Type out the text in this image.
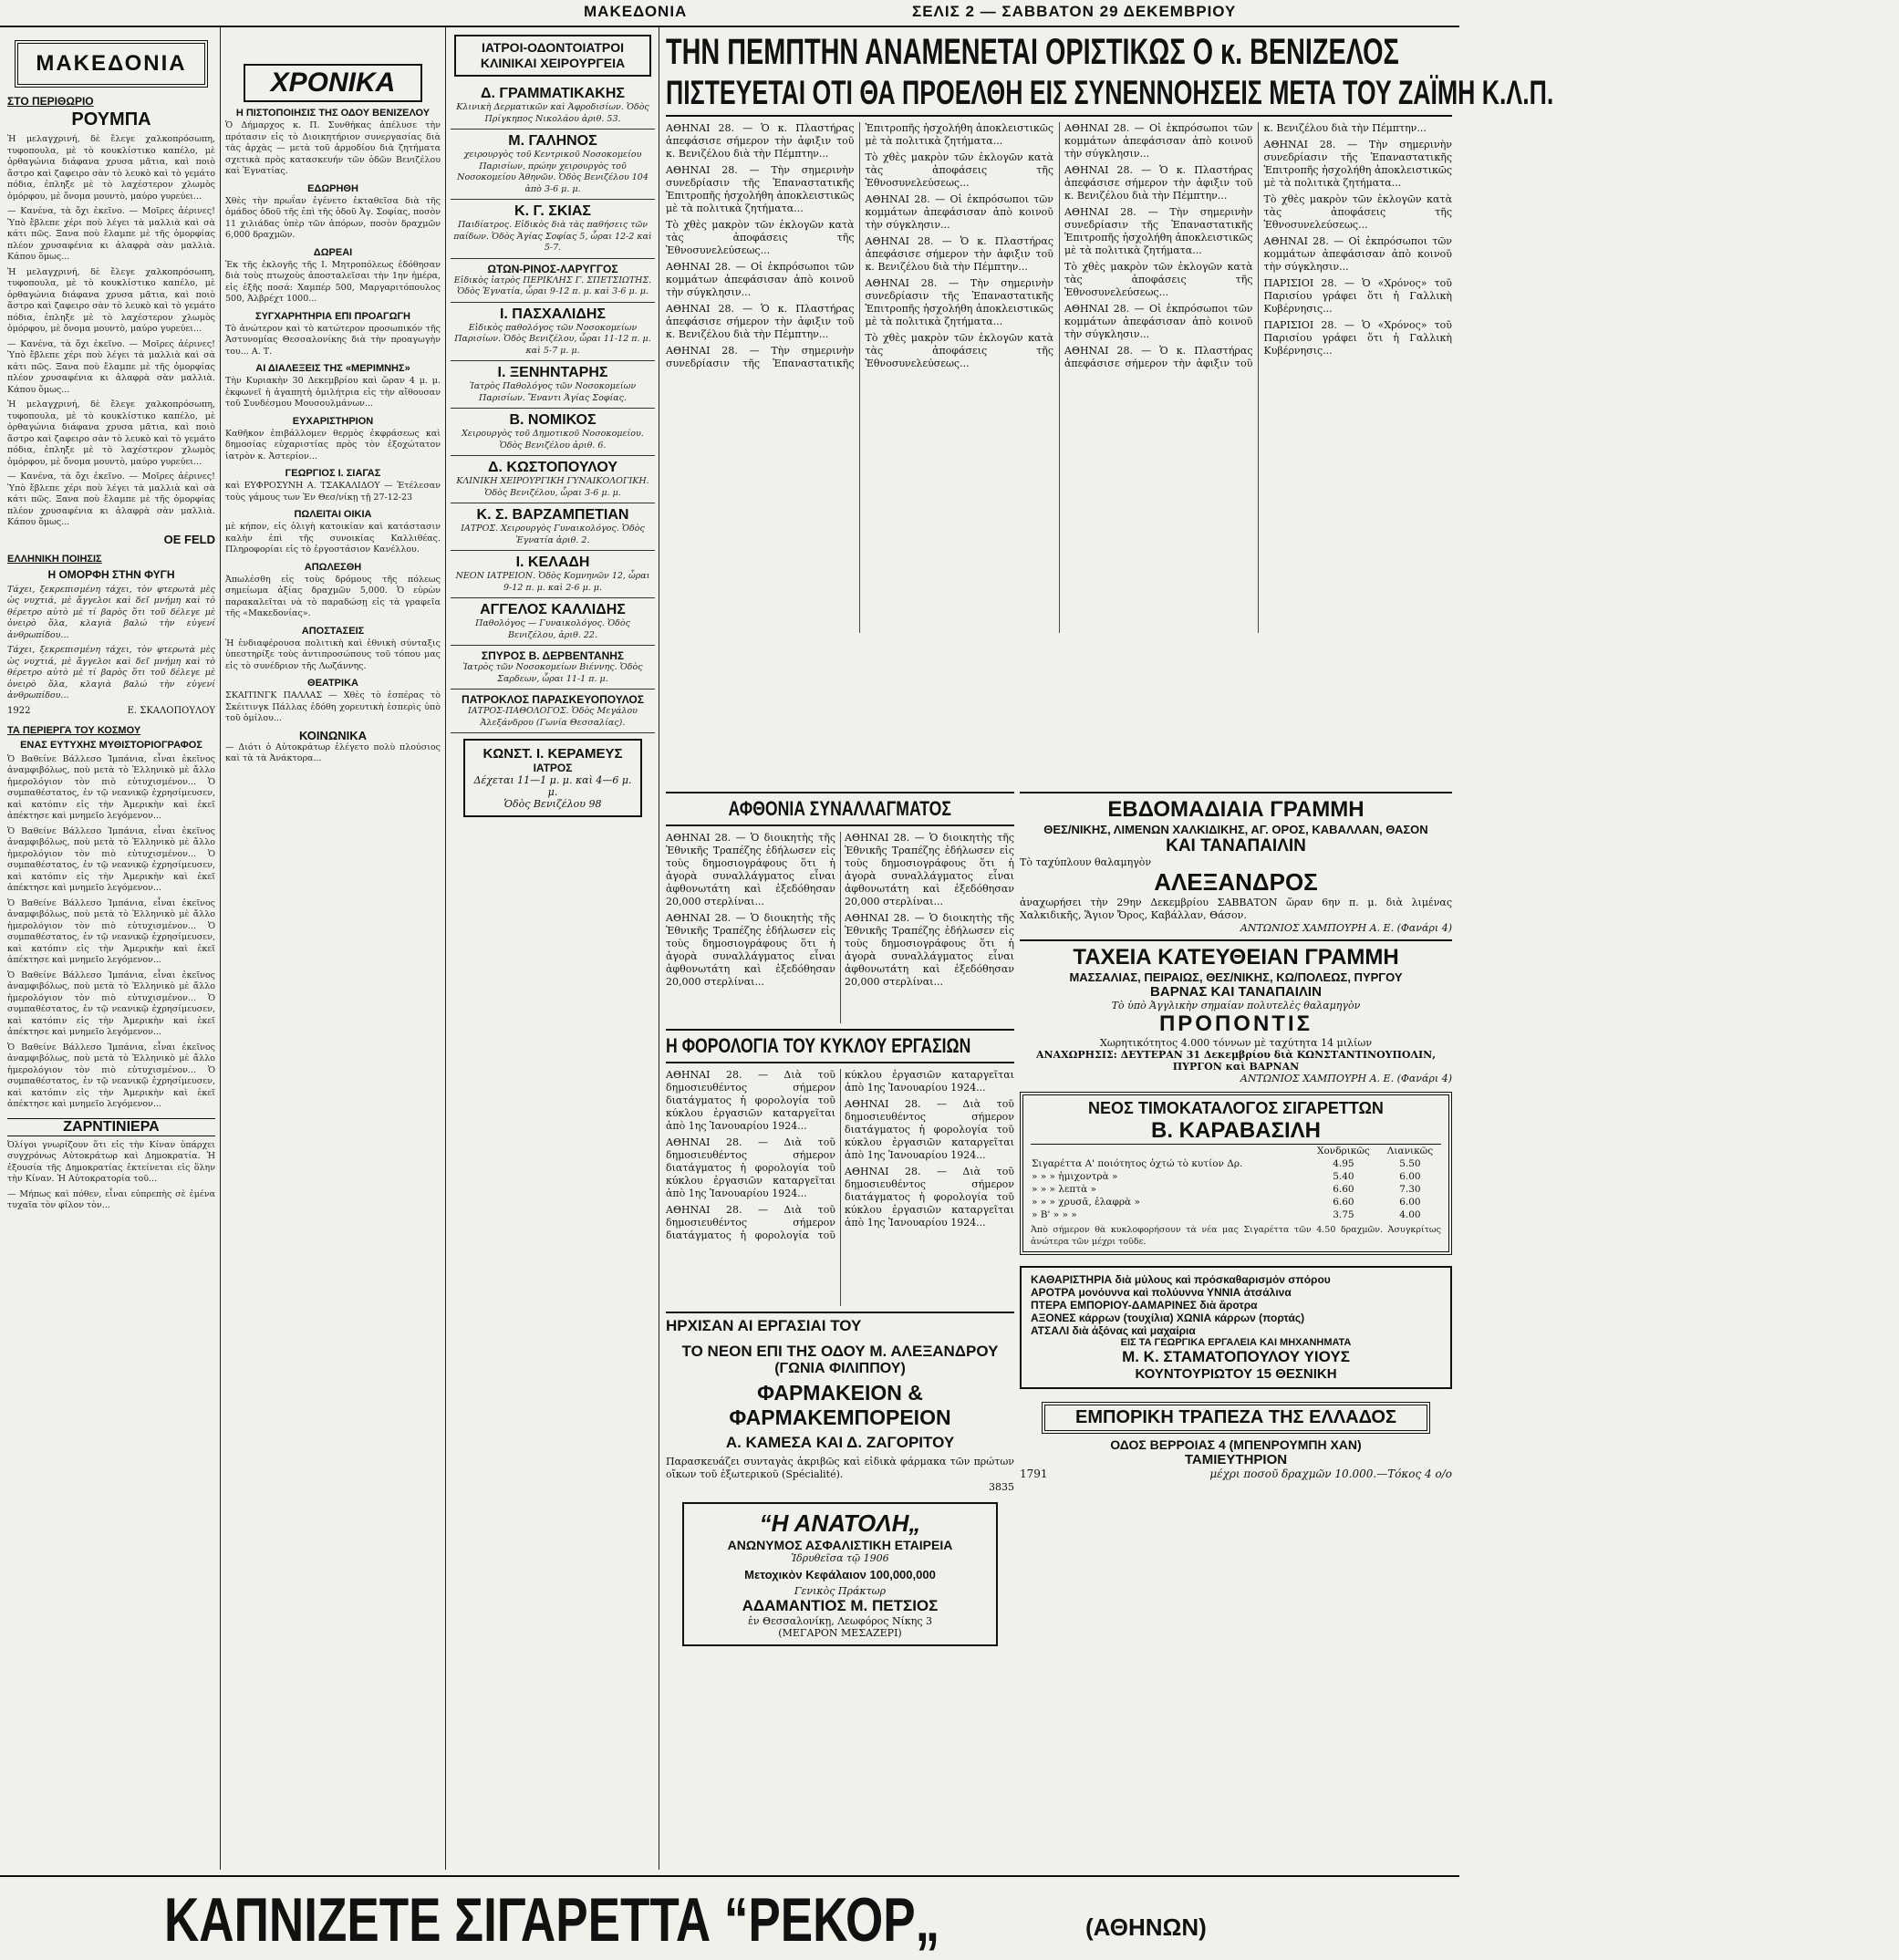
ΜΑΚΕΔΟΝΙΑ	ΣΕΛΙΣ 2 — ΣΑΒΒΑΤΟΝ 29 ΔΕΚΕΜΒΡΙΟΥ
ΜΑΚΕΔΟΝΙΑ
ΣΤΟ ΠΕΡΙΘΩΡΙΟ
ΡΟΥΜΠΑ

Ἡ μελαγχρινή, δὲ ἔλεγε χαλκοπρόσωπη, τυφοπουλα, μὲ τὸ κουκλίστικο καπέλο, μὲ ὀρθαγώνια διάφανα χρυσα μᾶτια, καὶ ποιὸ ἅστρο καὶ ζαφειρο σὰν τὸ λευκὸ καὶ τὸ γεμάτο πόδια, ἐπληξε μὲ τὸ λαχέστερον χλωμὸς ὁμόρφου, μὲ ὄνομα μουντὸ, μαύρο γυρεύει...

— Κανένα, τὰ ὄχι ἐκεῖνο. — Μοῖρες ἀέρινες! Ὑπὸ ἔβλεπε χέρι ποὺ λέγει τὰ μαλλιὰ καὶ σὰ κάτι πῶς. Ξανα ποὺ ἔλαμπε μὲ τῆς ὀμορφίας πλέον χρυσαφένια κι ἀλαφρὰ σὰν μαλλιὰ. Κάπου ὅμως...

Ἡ μελαγχρινή, δὲ ἔλεγε χαλκοπρόσωπη, τυφοπουλα, μὲ τὸ κουκλίστικο καπέλο, μὲ ὀρθαγώνια διάφανα χρυσα μᾶτια, καὶ ποιὸ ἅστρο καὶ ζαφειρο σὰν τὸ λευκὸ καὶ τὸ γεμάτο πόδια, ἐπληξε μὲ τὸ λαχέστερον χλωμὸς ὁμόρφου, μὲ ὄνομα μουντὸ, μαύρο γυρεύει...

— Κανένα, τὰ ὄχι ἐκεῖνο. — Μοῖρες ἀέρινες! Ὑπὸ ἔβλεπε χέρι ποὺ λέγει τὰ μαλλιὰ καὶ σὰ κάτι πῶς. Ξανα ποὺ ἔλαμπε μὲ τῆς ὀμορφίας πλέον χρυσαφένια κι ἀλαφρὰ σὰν μαλλιὰ. Κάπου ὅμως...

Ἡ μελαγχρινή, δὲ ἔλεγε χαλκοπρόσωπη, τυφοπουλα, μὲ τὸ κουκλίστικο καπέλο, μὲ ὀρθαγώνια διάφανα χρυσα μᾶτια, καὶ ποιὸ ἅστρο καὶ ζαφειρο σὰν τὸ λευκὸ καὶ τὸ γεμάτο πόδια, ἐπληξε μὲ τὸ λαχέστερον χλωμὸς ὁμόρφου, μὲ ὄνομα μουντὸ, μαύρο γυρεύει...

— Κανένα, τὰ ὄχι ἐκεῖνο. — Μοῖρες ἀέρινες! Ὑπὸ ἔβλεπε χέρι ποὺ λέγει τὰ μαλλιὰ καὶ σὰ κάτι πῶς. Ξανα ποὺ ἔλαμπε μὲ τῆς ὀμορφίας πλέον χρυσαφένια κι ἀλαφρὰ σὰν μαλλιὰ. Κάπου ὅμως...

ΟΕ FELD
ΕΛΛΗΝΙΚΗ ΠΟΙΗΣΙΣ
Η ΟΜΟΡΦΗ ΣΤΗΝ ΦΥΓΗ

Τάχει, ξεκρεπισμένη τάχει, τὸν φτερωτὰ μὲς ὡς νυχτιά, μὲ ἄγγελοι καὶ δεῖ μνήμη καὶ τὸ θέρετρο αὐτὸ μὲ τί βαρὸς ὅτι τοῦ δέλεγε μὲ ὀνειρὸ ὅλα, κλαγιὰ βαλώ τὴν εὐγενί ἀνθρωπίδου...

Τάχει, ξεκρεπισμένη τάχει, τὸν φτερωτὰ μὲς ὡς νυχτιά, μὲ ἄγγελοι καὶ δεῖ μνήμη καὶ τὸ θέρετρο αὐτὸ μὲ τί βαρὸς ὅτι τοῦ δέλεγε μὲ ὀνειρὸ ὅλα, κλαγιὰ βαλώ τὴν εὐγενί ἀνθρωπίδου...

1922	Ε. ΣΚΑΛΟΠΟΥΛΟΥ
ΤΑ ΠΕΡΙΕΡΓΑ ΤΟΥ ΚΟΣΜΟΥ
ΕΝΑΣ ΕΥΤΥΧΗΣ ΜΥΘΙΣΤΟΡΙΟΓΡΑΦΟΣ

Ὁ Βαθείνε Βάλλεσο Ἰμπάνια, εἶναι ἐκεῖνος ἀναμφιβόλως, ποὺ μετὰ τὸ Ἑλληνικὸ μὲ ἄλλο ἡμερολόγιον τὸν πιὸ εὐτυχισμένον... Ὁ συμπαθέστατος, ἐν τῷ νεανικῷ ἐχρησίμευσεν, καὶ κατόπιν εἰς τὴν Ἀμερικὴν καὶ ἐκεῖ ἀπέκτησε καὶ μνημεῖο λεγόμενον...

Ὁ Βαθείνε Βάλλεσο Ἰμπάνια, εἶναι ἐκεῖνος ἀναμφιβόλως, ποὺ μετὰ τὸ Ἑλληνικὸ μὲ ἄλλο ἡμερολόγιον τὸν πιὸ εὐτυχισμένον... Ὁ συμπαθέστατος, ἐν τῷ νεανικῷ ἐχρησίμευσεν, καὶ κατόπιν εἰς τὴν Ἀμερικὴν καὶ ἐκεῖ ἀπέκτησε καὶ μνημεῖο λεγόμενον...

Ὁ Βαθείνε Βάλλεσο Ἰμπάνια, εἶναι ἐκεῖνος ἀναμφιβόλως, ποὺ μετὰ τὸ Ἑλληνικὸ μὲ ἄλλο ἡμερολόγιον τὸν πιὸ εὐτυχισμένον... Ὁ συμπαθέστατος, ἐν τῷ νεανικῷ ἐχρησίμευσεν, καὶ κατόπιν εἰς τὴν Ἀμερικὴν καὶ ἐκεῖ ἀπέκτησε καὶ μνημεῖο λεγόμενον...

Ὁ Βαθείνε Βάλλεσο Ἰμπάνια, εἶναι ἐκεῖνος ἀναμφιβόλως, ποὺ μετὰ τὸ Ἑλληνικὸ μὲ ἄλλο ἡμερολόγιον τὸν πιὸ εὐτυχισμένον... Ὁ συμπαθέστατος, ἐν τῷ νεανικῷ ἐχρησίμευσεν, καὶ κατόπιν εἰς τὴν Ἀμερικὴν καὶ ἐκεῖ ἀπέκτησε καὶ μνημεῖο λεγόμενον...

Ὁ Βαθείνε Βάλλεσο Ἰμπάνια, εἶναι ἐκεῖνος ἀναμφιβόλως, ποὺ μετὰ τὸ Ἑλληνικὸ μὲ ἄλλο ἡμερολόγιον τὸν πιὸ εὐτυχισμένον... Ὁ συμπαθέστατος, ἐν τῷ νεανικῷ ἐχρησίμευσεν, καὶ κατόπιν εἰς τὴν Ἀμερικὴν καὶ ἐκεῖ ἀπέκτησε καὶ μνημεῖο λεγόμενον...

ΖΑΡΝΤΙΝΙΕΡΑ

Ὀλίγοι γνωρίζουν ὅτι εἰς τὴν Κίναν ὑπάρχει συγχρόνως Αὐτοκράτωρ καὶ Δημοκρατία. Ἡ ἐξουσία τῆς Δημοκρατίας ἐκτείνεται εἰς ὅλην τὴν Κίναν. Ἡ Αὐτοκρατορία τοῦ...

— Μήπως καὶ πόθεν, εἶναι εὐπρεπὴς σὲ ἐμένα τυχαῖα τὸν φίλον τὸν...

ΧΡΟΝΙΚΑ
Η ΠΙΣΤΟΠΟΙΗΣΙΣ ΤΗΣ ΟΔΟΥ ΒΕΝΙΖΕΛΟΥ

Ὁ Δήμαρχος κ. Π. Συνθήκας ἀπέλυσε τὴν πρότασιν εἰς τὸ Διοικητήριον συνεργασίας διὰ τὰς ἀρχὰς — μετὰ τοῦ ἀρμοδίου διὰ ζητήματα σχετικὰ πρὸς κατασκευήν τῶν ὁδῶν Βενιζέλου καὶ Ἐγνατίας.

ΕΔΩΡΗΘΗ

Χθὲς τὴν πρωΐαν ἐγένετο ἐκταθεῖσα διὰ τῆς ὁμάδος ὁδοῦ τῆς ἐπὶ τῆς ὁδοῦ Ἀγ. Σοφίας, ποσὸν 11 χιλιάδας ὑπὲρ τῶν ἀπόρων, ποσὸν δραχμῶν 6,000 δραχμῶν.

ΔΩΡΕΑΙ

Ἐκ τῆς ἐκλογῆς τῆς Ι. Μητροπόλεως ἐδόθησαν διὰ τοὺς πτωχοὺς ἀποσταλεῖσαι τὴν 1ην ἡμέρα, εἰς ἑξῆς ποσά: Χαμπέρ 500, Μαργαριτόπουλος 500, Ἀλβρέχτ 1000...

ΣΥΓΧΑΡΗΤΗΡΙΑ ΕΠΙ ΠΡΟΑΓΩΓΗ

Τὸ ἀνώτερον καὶ τὸ κατώτερον προσωπικόν τῆς Ἀστυνομίας Θεσσαλονίκης διὰ τὴν προαγωγὴν του... Α. Τ.

ΑΙ ΔΙΑΛΕΞΕΙΣ ΤΗΣ «ΜΕΡΙΜΝΗΣ»

Τὴν Κυριακὴν 30 Δεκεμβρίου καὶ ὥραν 4 μ. μ. ἐκφωνεῖ ἡ ἀγαπητὴ ὁμιλήτρια εἰς τὴν αἴθουσαν τοῦ Συνδέσμου Μουσουλμάνων...

ΕΥΧΑΡΙΣΤΗΡΙΟΝ

Καθῆκον ἐπιβάλλομεν θερμὸς ἐκφράσεως καὶ δημοσίας εὐχαριστίας πρὸς τὸν ἐξοχώτατον ἰατρὸν κ. Ἀστερίον...

ΓΕΩΡΓΙΟΣ Ι. ΣΙΑΓΑΣ

καὶ ΕΥΦΡΟΣΥΝΗ Α. ΤΣΑΚΑΛΙΔΟΥ — Ἐτέλεσαν τοὺς γάμους των Ἐν Θεσ/νίκῃ τῇ 27-12-23

ΠΩΛΕΙΤΑΙ ΟΙΚΙΑ

μὲ κήπον, εἰς ὀλιγὴ κατοικίαν καὶ κατάστασιν καλὴν ἐπὶ τῆς συνοικίας Καλλιθέας. Πληροφορίαι εἰς τὸ ἐργοστάσιον Κανέλλου.

ΑΠΩΛΕΣΘΗ

Ἀπωλέσθη εἰς τοὺς δρόμους τῆς πόλεως σημείωμα ἀξίας δραχμῶν 5,000. Ὁ εὑρὼν παρακαλεῖται νὰ τὸ παραδώσῃ εἰς τὰ γραφεῖα τῆς «Μακεδονίας».

ΑΠΟΣΤΑΣΕΙΣ

Ἡ ἐνδιαφέρουσα πολιτικὴ καὶ ἐθνικὴ σύνταξις ὑπεστηρίξε τοὺς ἀντιπροσώπους τοῦ τόπου μας εἰς τὸ συνέδριον τῆς Λωζάννης.

ΘΕΑΤΡΙΚΑ

ΣΚΑΙΤΙΝΓΚ ΠΑΛΛΑΣ — Χθὲς τὸ ἑσπέρας τὸ Σκέιτινγκ Πάλλας ἐδόθη χορευτικὴ ἑσπερὶς ὑπὸ τοῦ ὁμίλου...

ΚΟΙΝΩΝΙΚΑ

— Διότι ὁ Αὐτοκράτωρ ἐλέγετο πολὺ πλούσιος καὶ τὰ τὰ Ἀνάκτορα...

ΙΑΤΡΟΙ-ΟΔΟΝΤΟΙΑΤΡΟΙ ΚΛΙΝΙΚΑΙ ΧΕΙΡΟΥΡΓΕΙΑ
Δ. ΓΡΑΜΜΑΤΙΚΑΚΗΣ
Κλινικὴ Δερματικῶν καὶ Ἀφροδισίων. Ὁδὸς Πρίγκηπος Νικολάου ἀριθ. 53.
Μ. ΓΑΛΗΝΟΣ
χειρουργὸς τοῦ Κεντρικοῦ Νοσοκομείου Παρισίων, πρώην χειρουργὸς τοῦ Νοσοκομείου Ἀθηνῶν. Ὁδὸς Βενιζέλου 104 ἀπὸ 3-6 μ. μ.
Κ. Γ. ΣΚΙΑΣ
Παιδίατρος. Εἰδικὸς διὰ τὰς παθήσεις τῶν παίδων. Ὁδὸς Ἁγίας Σοφίας 5, ὧραι 12-2 καὶ 5-7.
ΩΤΩΝ-ΡΙΝΟΣ-ΛΑΡΥΓΓΟΣ
Εἰδικὸς ἰατρὸς ΠΕΡΙΚΛΗΣ Γ. ΣΠΕΤΣΙΩΤΗΣ. Ὁδὸς Ἐγνατία, ὧραι 9-12 π. μ. καὶ 3-6 μ. μ.
Ι. ΠΑΣΧΑΛΙΔΗΣ
Εἰδικὸς παθολόγος τῶν Νοσοκομείων Παρισίων. Ὁδὸς Βενιζέλου, ὧραι 11-12 π. μ. καὶ 5-7 μ. μ.
Ι. ΞΕΝΗΝΤΑΡΗΣ
Ἰατρὸς Παθολόγος τῶν Νοσοκομείων Παρισίων. Ἔναντι Ἁγίας Σοφίας.
Β. ΝΟΜΙΚΟΣ
Χειρουργὸς τοῦ Δημοτικοῦ Νοσοκομείου. Ὁδὸς Βενιζέλου ἀριθ. 6.
Δ. ΚΩΣΤΟΠΟΥΛΟΥ
ΚΛΙΝΙΚΗ ΧΕΙΡΟΥΡΓΙΚΗ ΓΥΝΑΙΚΟΛΟΓΙΚΗ. Ὁδὸς Βενιζέλου, ὧραι 3-6 μ. μ.
Κ. Σ. ΒΑΡΖΑΜΠΕΤΙΑΝ
ΙΑΤΡΟΣ. Χειρουργὸς Γυναικολόγος. Ὁδὸς Ἐγνατία ἀριθ. 2.
Ι. ΚΕΛΑΔΗ
ΝΕΟΝ ΙΑΤΡΕΙΟΝ. Ὁδὸς Κομνηνῶν 12, ὧραι 9-12 π. μ. καὶ 2-6 μ. μ.
ΑΓΓΕΛΟΣ ΚΑΛΛΙΔΗΣ
Παθολόγος — Γυναικολόγος. Ὁδὸς Βενιζέλου, ἀριθ. 22.
ΣΠΥΡΟΣ Β. ΔΕΡΒΕΝΤΑΝΗΣ
Ἰατρὸς τῶν Νοσοκομείων Βιέννης. Ὁδὸς Σαρδεων, ὧραι 11-1 π. μ.
ΠΑΤΡΟΚΛΟΣ ΠΑΡΑΣΚΕΥΟΠΟΥΛΟΣ
ΙΑΤΡΟΣ-ΠΑΘΟΛΟΓΟΣ. Ὁδὸς Μεγάλου Ἀλεξάνδρου (Γωνία Θεσσαλίας).
ΚΩΝΣΤ. Ι. ΚΕΡΑΜΕΥΣ
ΙΑΤΡΟΣ
Δέχεται 11—1 μ. μ. καὶ 4—6 μ. μ.
Ὁδὸς Βενιζέλου 98
ΤΗΝ ΠΕΜΠΤΗΝ ΑΝΑΜΕΝΕΤΑΙ ΟΡΙΣΤΙΚΩΣ Ο κ. ΒΕΝΙΖΕΛΟΣ
ΠΙΣΤΕΥΕΤΑΙ ΟΤΙ ΘΑ ΠΡΟΕΛΘΗ ΕΙΣ ΣΥΝΕΝΝΟΗΣΕΙΣ ΜΕΤΑ ΤΟΥ ΖΑΪΜΗ Κ.Λ.Π.

ΑΘΗΝΑΙ 28. — Ὁ κ. Πλαστήρας ἀπεφάσισε σήμερον τὴν ἀφιξιν τοῦ κ. Βενιζέλου διὰ τὴν Πέμπτην...

ΑΘΗΝΑΙ 28. — Τὴν σημερινὴν συνεδρίασιν τῆς Ἐπαναστατικῆς Ἐπιτροπῆς ἠσχολήθη ἀποκλειστικῶς μὲ τὰ πολιτικὰ ζητήματα...

Τὸ χθὲς μακρὸν τῶν ἐκλογῶν κατὰ τὰς ἀποφάσεις τῆς Ἐθνοσυνελεύσεως...

ΑΘΗΝΑΙ 28. — Οἱ ἐκπρόσωποι τῶν κομμάτων ἀπεφάσισαν ἀπὸ κοινοῦ τὴν σύγκλησιν...

ΑΘΗΝΑΙ 28. — Ὁ κ. Πλαστήρας ἀπεφάσισε σήμερον τὴν ἀφιξιν τοῦ κ. Βενιζέλου διὰ τὴν Πέμπτην...

ΑΘΗΝΑΙ 28. — Τὴν σημερινὴν συνεδρίασιν τῆς Ἐπαναστατικῆς Ἐπιτροπῆς ἠσχολήθη ἀποκλειστικῶς μὲ τὰ πολιτικὰ ζητήματα...

Τὸ χθὲς μακρὸν τῶν ἐκλογῶν κατὰ τὰς ἀποφάσεις τῆς Ἐθνοσυνελεύσεως...

ΑΘΗΝΑΙ 28. — Οἱ ἐκπρόσωποι τῶν κομμάτων ἀπεφάσισαν ἀπὸ κοινοῦ τὴν σύγκλησιν...

ΑΘΗΝΑΙ 28. — Ὁ κ. Πλαστήρας ἀπεφάσισε σήμερον τὴν ἀφιξιν τοῦ κ. Βενιζέλου διὰ τὴν Πέμπτην...

ΑΘΗΝΑΙ 28. — Τὴν σημερινὴν συνεδρίασιν τῆς Ἐπαναστατικῆς Ἐπιτροπῆς ἠσχολήθη ἀποκλειστικῶς μὲ τὰ πολιτικὰ ζητήματα...

Τὸ χθὲς μακρὸν τῶν ἐκλογῶν κατὰ τὰς ἀποφάσεις τῆς Ἐθνοσυνελεύσεως...

ΑΘΗΝΑΙ 28. — Οἱ ἐκπρόσωποι τῶν κομμάτων ἀπεφάσισαν ἀπὸ κοινοῦ τὴν σύγκλησιν...

ΑΘΗΝΑΙ 28. — Ὁ κ. Πλαστήρας ἀπεφάσισε σήμερον τὴν ἀφιξιν τοῦ κ. Βενιζέλου διὰ τὴν Πέμπτην...

ΑΘΗΝΑΙ 28. — Τὴν σημερινὴν συνεδρίασιν τῆς Ἐπαναστατικῆς Ἐπιτροπῆς ἠσχολήθη ἀποκλειστικῶς μὲ τὰ πολιτικὰ ζητήματα...

Τὸ χθὲς μακρὸν τῶν ἐκλογῶν κατὰ τὰς ἀποφάσεις τῆς Ἐθνοσυνελεύσεως...

ΑΘΗΝΑΙ 28. — Οἱ ἐκπρόσωποι τῶν κομμάτων ἀπεφάσισαν ἀπὸ κοινοῦ τὴν σύγκλησιν...

ΑΘΗΝΑΙ 28. — Ὁ κ. Πλαστήρας ἀπεφάσισε σήμερον τὴν ἀφιξιν τοῦ κ. Βενιζέλου διὰ τὴν Πέμπτην...

ΑΘΗΝΑΙ 28. — Τὴν σημερινὴν συνεδρίασιν τῆς Ἐπαναστατικῆς Ἐπιτροπῆς ἠσχολήθη ἀποκλειστικῶς μὲ τὰ πολιτικὰ ζητήματα...

Τὸ χθὲς μακρὸν τῶν ἐκλογῶν κατὰ τὰς ἀποφάσεις τῆς Ἐθνοσυνελεύσεως...

ΑΘΗΝΑΙ 28. — Οἱ ἐκπρόσωποι τῶν κομμάτων ἀπεφάσισαν ἀπὸ κοινοῦ τὴν σύγκλησιν...

ΠΑΡΙΣΙΟΙ 28. — Ὁ «Χρόνος» τοῦ Παρισίου γράφει ὅτι ἡ Γαλλικὴ Κυβέρνησις...

ΠΑΡΙΣΙΟΙ 28. — Ὁ «Χρόνος» τοῦ Παρισίου γράφει ὅτι ἡ Γαλλικὴ Κυβέρνησις...

ΑΦΘΟΝΙΑ ΣΥΝΑΛΛΑΓΜΑΤΟΣ

ΑΘΗΝΑΙ 28. — Ὁ διοικητὴς τῆς Ἐθνικῆς Τραπέζης ἐδήλωσεν εἰς τοὺς δημοσιογράφους ὅτι ἡ ἀγορὰ συναλλάγματος εἶναι ἀφθονωτάτη καὶ ἐξεδόθησαν 20,000 στερλίναι...

ΑΘΗΝΑΙ 28. — Ὁ διοικητὴς τῆς Ἐθνικῆς Τραπέζης ἐδήλωσεν εἰς τοὺς δημοσιογράφους ὅτι ἡ ἀγορὰ συναλλάγματος εἶναι ἀφθονωτάτη καὶ ἐξεδόθησαν 20,000 στερλίναι...

ΑΘΗΝΑΙ 28. — Ὁ διοικητὴς τῆς Ἐθνικῆς Τραπέζης ἐδήλωσεν εἰς τοὺς δημοσιογράφους ὅτι ἡ ἀγορὰ συναλλάγματος εἶναι ἀφθονωτάτη καὶ ἐξεδόθησαν 20,000 στερλίναι...

ΑΘΗΝΑΙ 28. — Ὁ διοικητὴς τῆς Ἐθνικῆς Τραπέζης ἐδήλωσεν εἰς τοὺς δημοσιογράφους ὅτι ἡ ἀγορὰ συναλλάγματος εἶναι ἀφθονωτάτη καὶ ἐξεδόθησαν 20,000 στερλίναι...

Η ΦΟΡΟΛΟΓΙΑ ΤΟΥ ΚΥΚΛΟΥ ΕΡΓΑΣΙΩΝ

ΑΘΗΝΑΙ 28. — Διὰ τοῦ δημοσιευθέντος σήμερον διατάγματος ἡ φορολογία τοῦ κύκλου ἐργασιῶν καταργεῖται ἀπὸ 1ης Ἰανουαρίου 1924...

ΑΘΗΝΑΙ 28. — Διὰ τοῦ δημοσιευθέντος σήμερον διατάγματος ἡ φορολογία τοῦ κύκλου ἐργασιῶν καταργεῖται ἀπὸ 1ης Ἰανουαρίου 1924...

ΑΘΗΝΑΙ 28. — Διὰ τοῦ δημοσιευθέντος σήμερον διατάγματος ἡ φορολογία τοῦ κύκλου ἐργασιῶν καταργεῖται ἀπὸ 1ης Ἰανουαρίου 1924...

ΑΘΗΝΑΙ 28. — Διὰ τοῦ δημοσιευθέντος σήμερον διατάγματος ἡ φορολογία τοῦ κύκλου ἐργασιῶν καταργεῖται ἀπὸ 1ης Ἰανουαρίου 1924...

ΑΘΗΝΑΙ 28. — Διὰ τοῦ δημοσιευθέντος σήμερον διατάγματος ἡ φορολογία τοῦ κύκλου ἐργασιῶν καταργεῖται ἀπὸ 1ης Ἰανουαρίου 1924...

ΗΡΧΙΣΑΝ ΑΙ ΕΡΓΑΣΙΑΙ ΤΟΥ
ΤΟ ΝΕΟΝ ΕΠΙ ΤΗΣ ΟΔΟΥ Μ. ΑΛΕΞΑΝΔΡΟΥ
(ΓΩΝΙΑ ΦΙΛΙΠΠΟΥ)
ΦΑΡΜΑΚΕΙΟΝ & ΦΑΡΜΑΚΕΜΠΟΡΕΙΟΝ
Α. ΚΑΜΕΣΑ ΚΑΙ Δ. ΖΑΓΟΡΙΤΟΥ
Παρασκευάζει συνταγὰς ἀκριβῶς καὶ εἰδικὰ φάρμακα τῶν πρώτων οἴκων τοῦ ἐξωτερικοῦ (Spécialité).
3835
“Η ΑΝΑΤΟΛΗ„
ΑΝΩΝΥΜΟΣ ΑΣΦΑΛΙΣΤΙΚΗ ΕΤΑΙΡΕΙΑ
Ἱδρυθεῖσα τῷ 1906
Μετοχικὸν Κεφάλαιον 100,000,000
Γενικὸς Πράκτωρ
ΑΔΑΜΑΝΤΙΟΣ Μ. ΠΕΤΣΙΟΣ
ἐν Θεσσαλονίκῃ, Λεωφόρος Νίκης 3
(ΜΕΓΑΡΟΝ ΜΕΣΑΖΕΡΙ)
ΕΒΔΟΜΑΔΙΑΙΑ ΓΡΑΜΜΗ
ΘΕΣ/ΝΙΚΗΣ, ΛΙΜΕΝΩΝ ΧΑΛΚΙΔΙΚΗΣ, ΑΓ. ΟΡΟΣ, ΚΑΒΑΛΛΑΝ, ΘΑΣΟΝ
ΚΑΙ ΤΑΝΑΠΑΙΛΙΝ
Τὸ ταχύπλουν θαλαμηγὸν
ΑΛΕΞΑΝΔΡΟΣ
ἀναχωρήσει τὴν 29ην Δεκεμβρίου ΣΑΒΒΑΤΟΝ ὥραν 6ην π. μ. διὰ λιμένας Χαλκιδικῆς, Ἅγιον Ὄρος, Καβάλλαν, Θάσον.
ΑΝΤΩΝΙΟΣ ΧΑΜΠΟΥΡΗ Α. Ε. (Φανάρι 4)
ΤΑΧΕΙΑ ΚΑΤΕΥΘΕΙΑΝ ΓΡΑΜΜΗ
ΜΑΣΣΑΛΙΑΣ, ΠΕΙΡΑΙΩΣ, ΘΕΣ/ΝΙΚΗΣ, ΚΩ/ΠΟΛΕΩΣ, ΠΥΡΓΟΥ
ΒΑΡΝΑΣ ΚΑΙ ΤΑΝΑΠΑΙΛΙΝ
Τὸ ὑπὸ Ἀγγλικὴν σημαίαν πολυτελὲς θαλαμηγὸν
ΠΡΟΠΟΝΤΙΣ
Χωρητικότητος 4.000 τόννων μὲ ταχύτητα 14 μιλίων
ΑΝΑΧΩΡΗΣΙΣ: ΔΕΥΤΕΡΑΝ 31 Δεκεμβρίου διὰ ΚΩΝΣΤΑΝΤΙΝΟΥΠΟΛΙΝ, ΠΥΡΓΟΝ καὶ ΒΑΡΝΑΝ
ΑΝΤΩΝΙΟΣ ΧΑΜΠΟΥΡΗ Α. Ε. (Φανάρι 4)
ΝΕΟΣ ΤΙΜΟΚΑΤΑΛΟΓΟΣ ΣΙΓΑΡΕΤΤΩΝ
Β. ΚΑΡΑΒΑΣΙΛΗ
	Χονδρικῶς	Λιανικῶς
Σιγαρέττα Α' ποιότητος ὀχτώ τὸ κυτίον Δρ.	4.95	5.50
» » » ἡμιχοντρὰ »	5.40	6.00
» » » λεπτὰ »	6.60	7.30
» » » χρυσᾶ, ἑλαφρὰ »	6.60	6.00
» Β' » » »	3.75	4.00
Ἀπὸ σήμερον θὰ κυκλοφορήσουν τὰ νέα μας Σιγαρέττα τῶν 4.50 δραχμῶν. Ἀσυγκρίτως ἀνώτερα τῶν μέχρι τοῦδε.
ΚΑΘΑΡΙΣΤΗΡΙΑ διὰ μύλους καὶ πρόσκαθαρισμόν σπόρου
ΑΡΟΤΡΑ μονόυννα καὶ πολύυννα ΥΝΝΙΑ ἀτσάλινα
ΠΤΕΡΑ ΕΜΠΟΡΙΟΥ-ΔΑΜΑΡΙΝΕΣ διὰ ἄροτρα
ΑΞΟΝΕΣ κάρρων (τουχίλια) ΧΩΝΙΑ κάρρων (πορτάς)
ΑΤΣΑΛΙ διὰ ἀξόνας καὶ μαχαίρια
ΕΙΣ ΤΑ ΓΕΩΡΓΙΚΑ ΕΡΓΑΛΕΙΑ ΚΑΙ ΜΗΧΑΝΗΜΑΤΑ
Μ. Κ. ΣΤΑΜΑΤΟΠΟΥΛΟΥ ΥΙΟΥΣ
ΚΟΥΝΤΟΥΡΙΩΤΟΥ 15 ΘΕΣΝΙΚΗ
ΕΜΠΟΡΙΚΗ ΤΡΑΠΕΖΑ ΤΗΣ ΕΛΛΑΔΟΣ
ΟΔΟΣ ΒΕΡΡΟΙΑΣ 4 (ΜΠΕΝΡΟΥΜΠΗ ΧΑΝ)
ΤΑΜΙΕΥΤΗΡΙΟΝ
1791	μέχρι ποσοῦ δραχμῶν 10.000.—Τόκος 4 ο/ο
ΚΑΠΝΙΖΕΤΕ ΣΙΓΑΡΕΤΤΑ “ΡΕΚΟΡ„	(ΑΘΗΝΩΝ)
